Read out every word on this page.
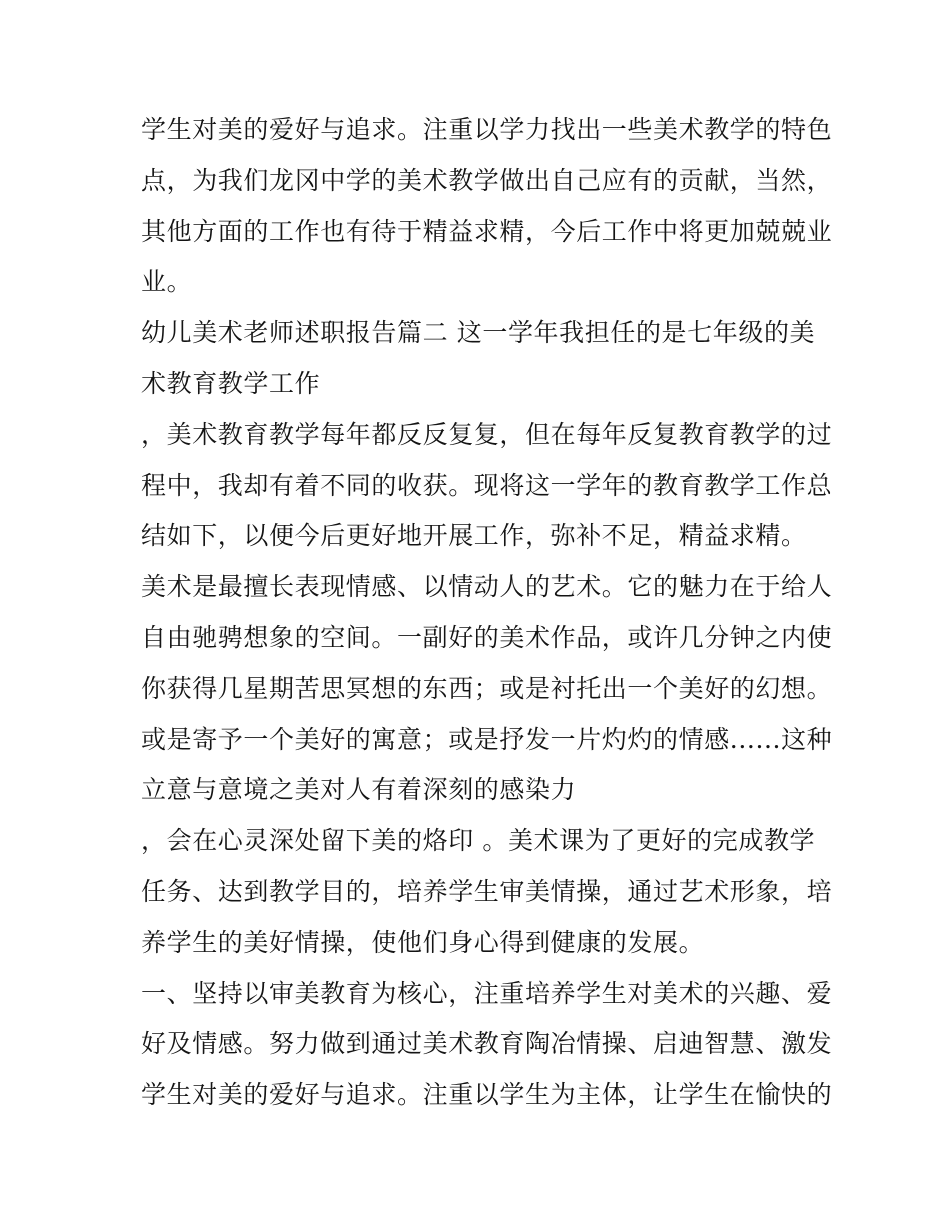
学生对美的爱好与追求。注重以学力找出一些美术教学的特色
点，为我们龙冈中学的美术教学做出自己应有的贡献，当然，
其他方面的工作也有待于精益求精，今后工作中将更加兢兢业
业。
幼儿美术老师述职报告篇二 这一学年我担任的是七年级的美
术教育教学工作
，美术教育教学每年都反反复复，但在每年反复教育教学的过
程中，我却有着不同的收获。现将这一学年的教育教学工作总
结如下，以便今后更好地开展工作，弥补不足，精益求精。
美术是最擅长表现情感、以情动人的艺术。它的魅力在于给人
自由驰骋想象的空间。一副好的美术作品，或许几分钟之内使
你获得几星期苦思冥想的东西；或是衬托出一个美好的幻想。
或是寄予一个美好的寓意；或是抒发一片灼灼的情感......这种
立意与意境之美对人有着深刻的感染力
，会在心灵深处留下美的烙印 。美术课为了更好的完成教学
任务、达到教学目的，培养学生审美情操，通过艺术形象，培
养学生的美好情操，使他们身心得到健康的发展。
一、坚持以审美教育为核心，注重培养学生对美术的兴趣、爱
好及情感。努力做到通过美术教育陶冶情操、启迪智慧、激发
学生对美的爱好与追求。注重以学生为主体，让学生在愉快的
